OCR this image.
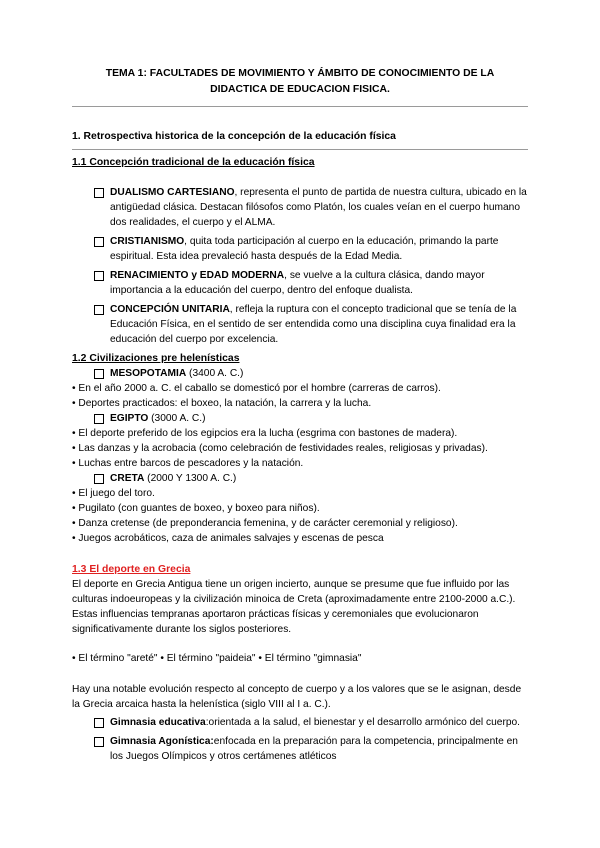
TEMA 1: FACULTADES DE MOVIMIENTO Y ÁMBITO DE CONOCIMIENTO DE LA
DIDACTICA DE EDUCACION FISICA.

1. Retrospectiva historica de la concepción de la educación física
1.1 Concepción tradicional de la educación física
DUALISMO CARTESIANO, representa el punto de partida de nuestra cultura, ubicado en la antigüedad clásica. Destacan filósofos como Platón, los cuales veían en el cuerpo humano dos realidades, el cuerpo y el ALMA.
CRISTIANISMO, quita toda participación al cuerpo en la educación, primando la parte espiritual. Esta idea prevaleció hasta después de la Edad Media.
RENACIMIENTO y EDAD MODERNA, se vuelve a la cultura clásica, dando mayor importancia a la educación del cuerpo, dentro del enfoque dualista.
CONCEPCIÓN UNITARIA, refleja la ruptura con el concepto tradicional que se tenía de la Educación Física, en el sentido de ser entendida como una disciplina cuya finalidad era la educación del cuerpo por excelencia.
1.2 Civilizaciones pre helenísticas
MESOPOTAMIA (3400 A. C.)

• En el año 2000 a. C. el caballo se domesticó por el hombre (carreras de carros).

• Deportes practicados: el boxeo, la natación, la carrera y la lucha.

EGIPTO (3000 A. C.)

• El deporte preferido de los egipcios era la lucha (esgrima con bastones de madera).

• Las danzas y la acrobacia (como celebración de festividades reales, religiosas y privadas).

• Luchas entre barcos de pescadores y la natación.

CRETA (2000 Y 1300 A. C.)

• El juego del toro.

• Pugilato (con guantes de boxeo, y boxeo para niños).

• Danza cretense (de preponderancia femenina, y de carácter ceremonial y religioso).

• Juegos acrobáticos, caza de animales salvajes y escenas de pesca

1.3 El deporte en Grecia

El deporte en Grecia Antigua tiene un origen incierto, aunque se presume que fue influido por las culturas indoeuropeas y la civilización minoica de Creta (aproximadamente entre 2100-2000 a.C.). Estas influencias tempranas aportaron prácticas físicas y ceremoniales que evolucionaron significativamente durante los siglos posteriores.

• El término "areté" • El término "paideia" • El término "gimnasia"

Hay una notable evolución respecto al concepto de cuerpo y a los valores que se le asignan, desde la Grecia arcaica hasta la helenística (siglo VIII al I a. C.).

Gimnasia educativa:orientada a la salud, el bienestar y el desarrollo armónico del cuerpo.
Gimnasia Agonística:enfocada en la preparación para la competencia, principalmente en los Juegos Olímpicos y otros certámenes atléticos
